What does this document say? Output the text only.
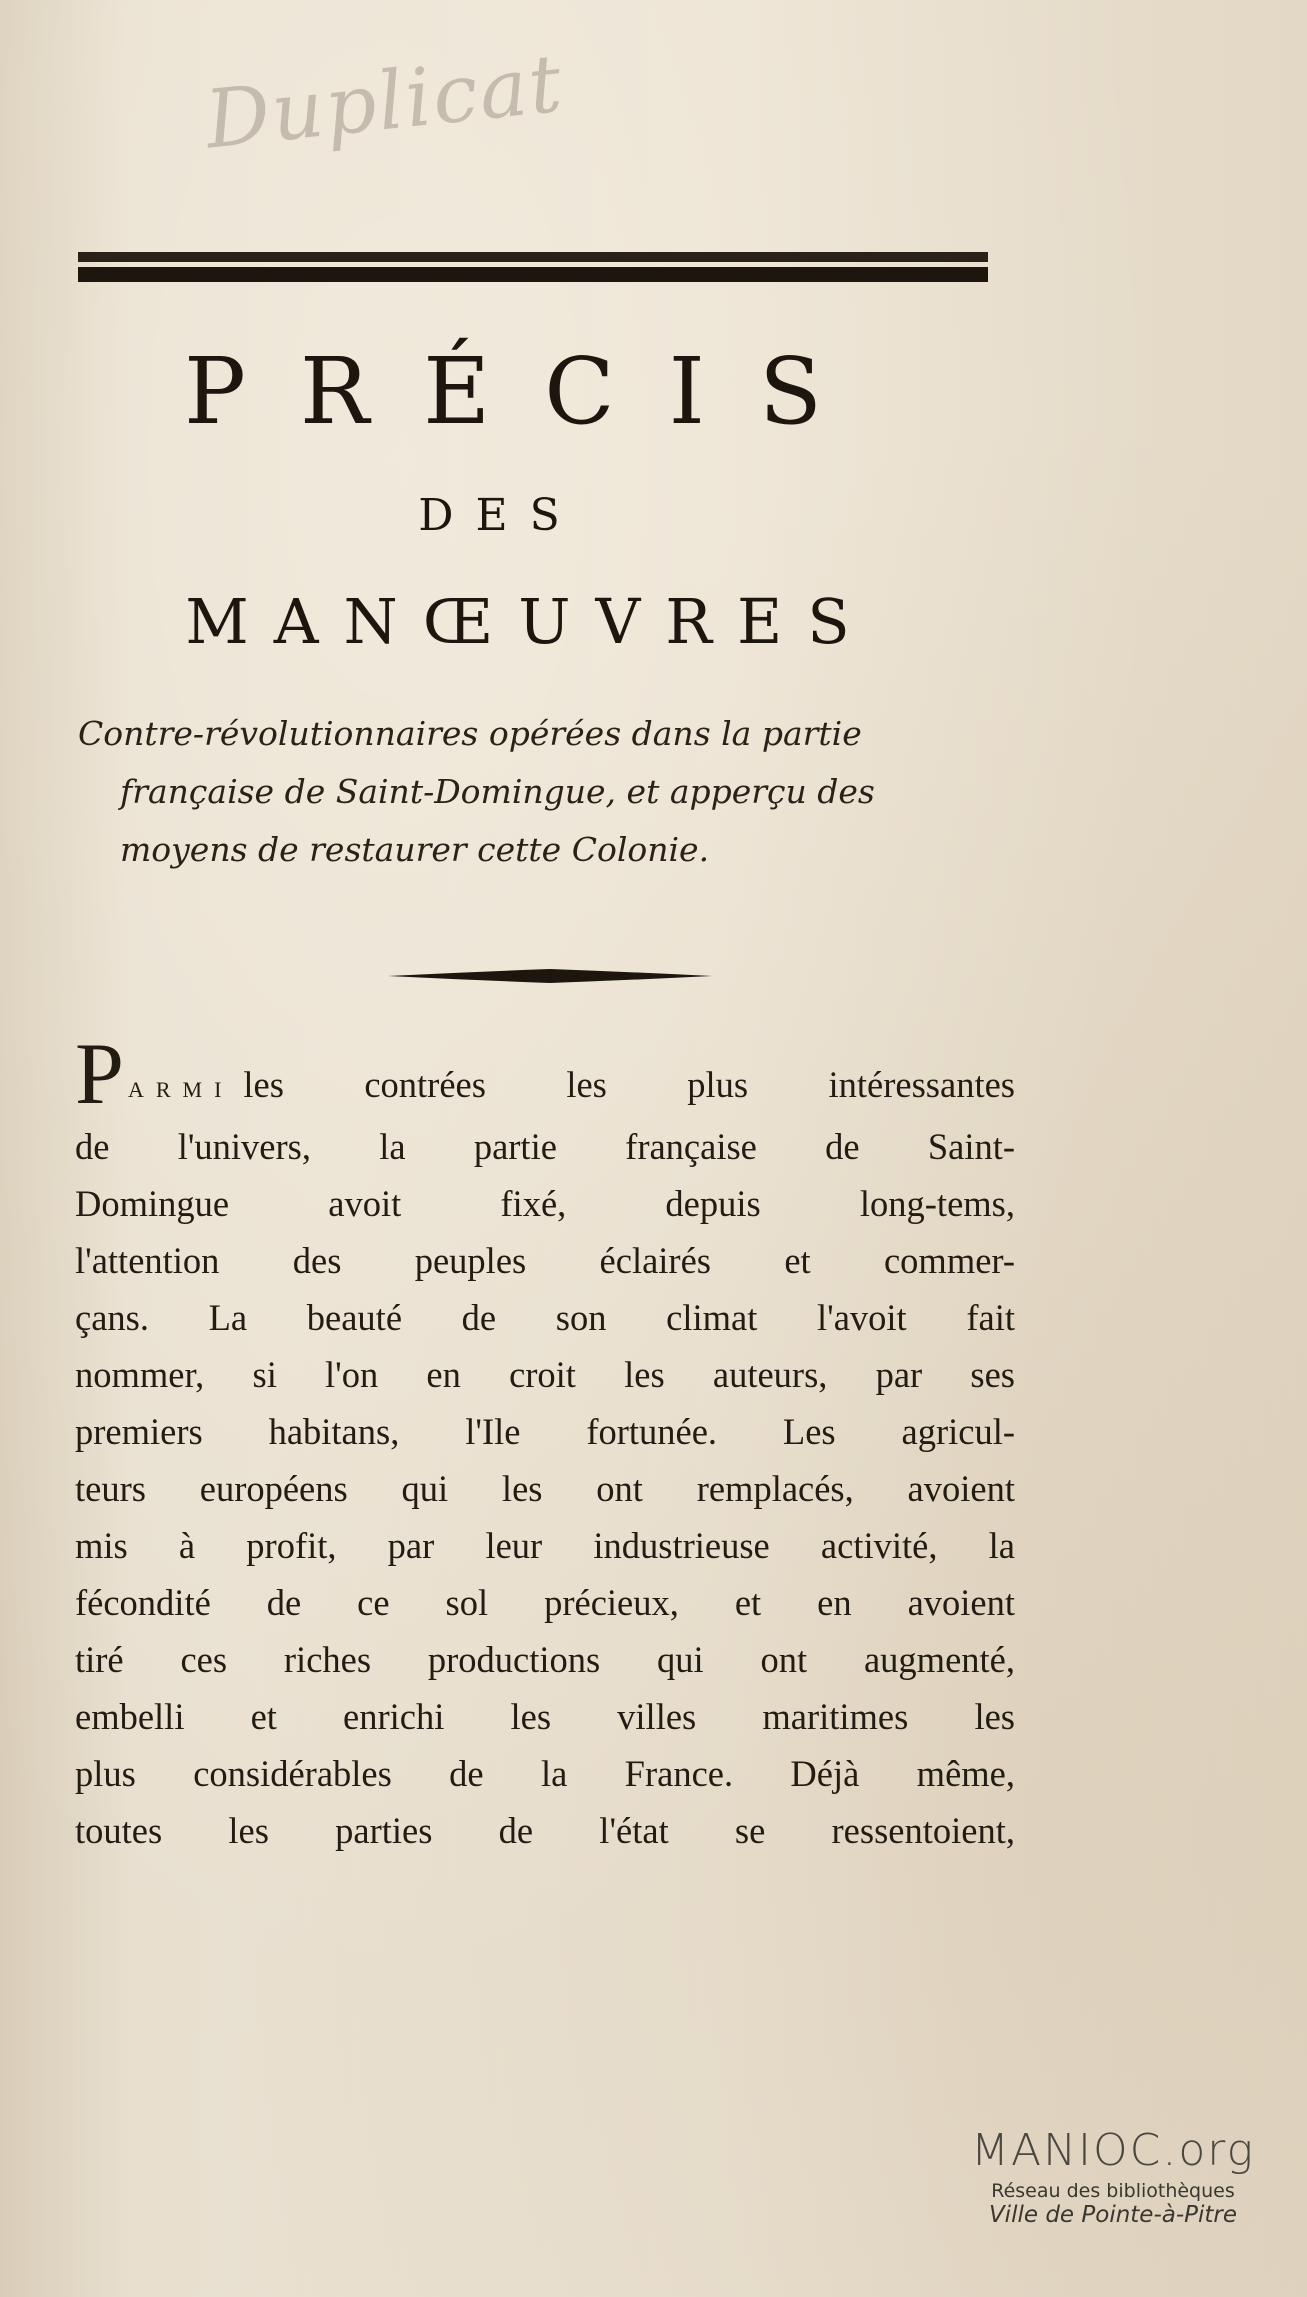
Duplicat
PRÉCIS
DES
MANŒUVRES
Contre-révolutionnaires opérées dans la partie
française de Saint-Domingue, et apperçu des
moyens de restaurer cette Colonie.
PARMI les contrées les plus intéressantes
de l'univers, la partie française de Saint-
Domingue avoit fixé, depuis long-tems,
l'attention des peuples éclairés et commer-
çans. La beauté de son climat l'avoit fait
nommer, si l'on en croit les auteurs, par ses
premiers habitans, l'Ile fortunée. Les agricul-
teurs européens qui les ont remplacés, avoient
mis à profit, par leur industrieuse activité, la
fécondité de ce sol précieux, et en avoient
tiré ces riches productions qui ont augmenté,
embelli et enrichi les villes maritimes les
plus considérables de la France. Déjà même,
toutes les parties de l'état se ressentoient,
MANIOC.org
Réseau des bibliothèques
Ville de Pointe-à-Pitre
